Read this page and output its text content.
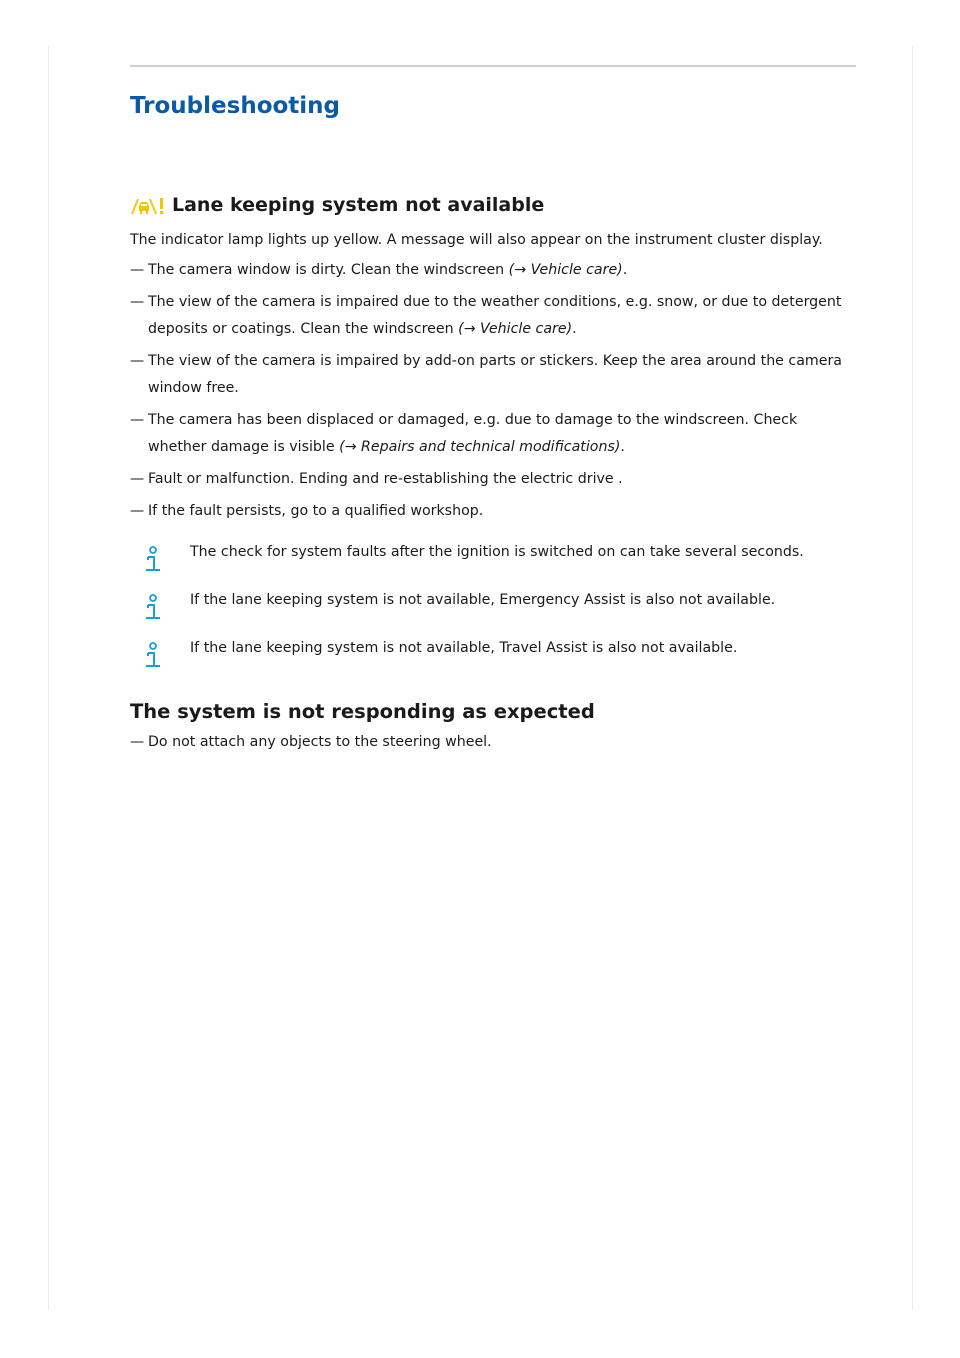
Troubleshooting
Lane keeping system not available

The indicator lamp lights up yellow. A message will also appear on the instrument cluster display.

— The camera window is dirty. Clean the windscreen (→ Vehicle care).
— The view of the camera is impaired due to the weather conditions, e.g. snow, or due to detergent deposits or coatings. Clean the windscreen (→ Vehicle care).
— The view of the camera is impaired by add-on parts or stickers. Keep the area around the camera window free.
— The camera has been displaced or damaged, e.g. due to damage to the windscreen. Check whether damage is visible (→ Repairs and technical modifications).
— Fault or malfunction. Ending and re-establishing the electric drive .
— If the fault persists, go to a qualified workshop.
The check for system faults after the ignition is switched on can take several seconds.
If the lane keeping system is not available, Emergency Assist is also not available.
If the lane keeping system is not available, Travel Assist is also not available.
The system is not responding as expected
— Do not attach any objects to the steering wheel.
